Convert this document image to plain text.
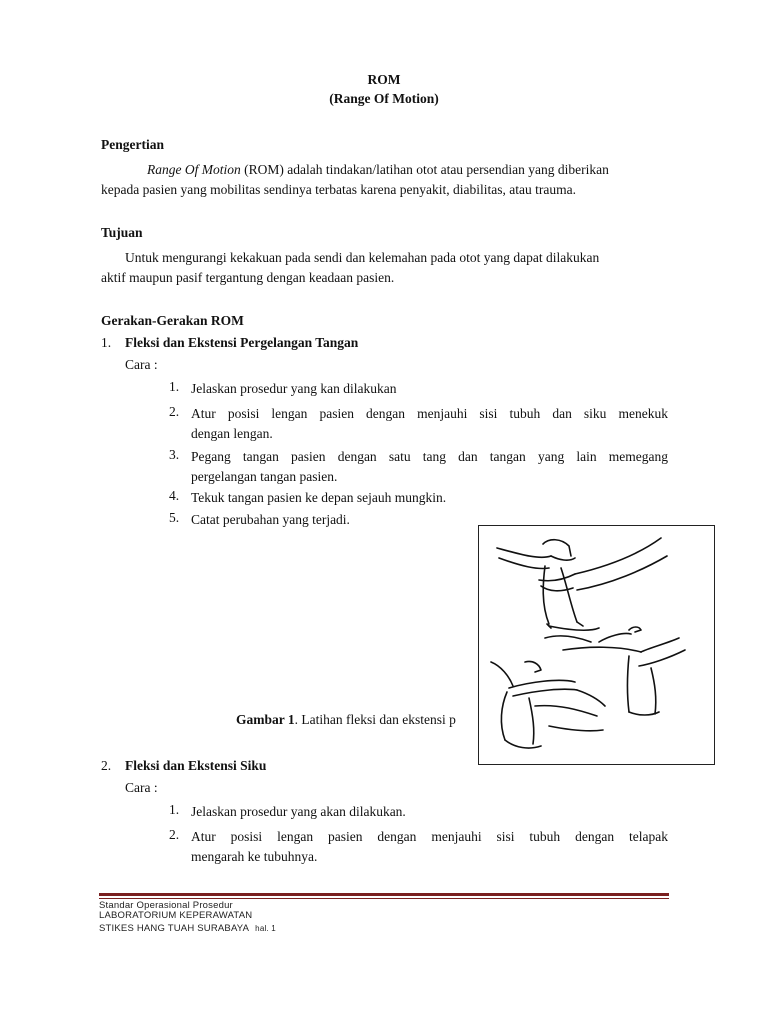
ROM
(Range Of Motion)
Pengertian
Range Of Motion (ROM) adalah tindakan/latihan otot atau persendian yang diberikan
kepada pasien yang mobilitas sendinya terbatas karena penyakit, diabilitas, atau trauma.
Tujuan
Untuk mengurangi kekakuan pada sendi dan kelemahan pada otot yang dapat dilakukan
aktif maupun pasif tergantung dengan keadaan pasien.
Gerakan-Gerakan ROM
1. Fleksi dan Ekstensi Pergelangan Tangan
Cara :
1. Jelaskan prosedur yang kan dilakukan
2. Atur posisi lengan pasien dengan menjauhi sisi tubuh dan siku menekuk
dengan lengan.
3. Pegang tangan pasien dengan satu tang dan tangan yang lain memegang
pergelangan tangan pasien.
4. Tekuk tangan pasien ke depan sejauh mungkin.
5. Catat perubahan yang terjadi.
Gambar 1. Latihan fleksi dan ekstensi p
2. Fleksi dan Ekstensi Siku
Cara :
1. Jelaskan prosedur yang akan dilakukan.
2. Atur posisi lengan pasien dengan menjauhi sisi tubuh dengan telapak
mengarah ke tubuhnya.
Standar Operasional Prosedur
LABORATORIUM KEPERAWATAN
STIKES HANG TUAH SURABAYA hal. 1
